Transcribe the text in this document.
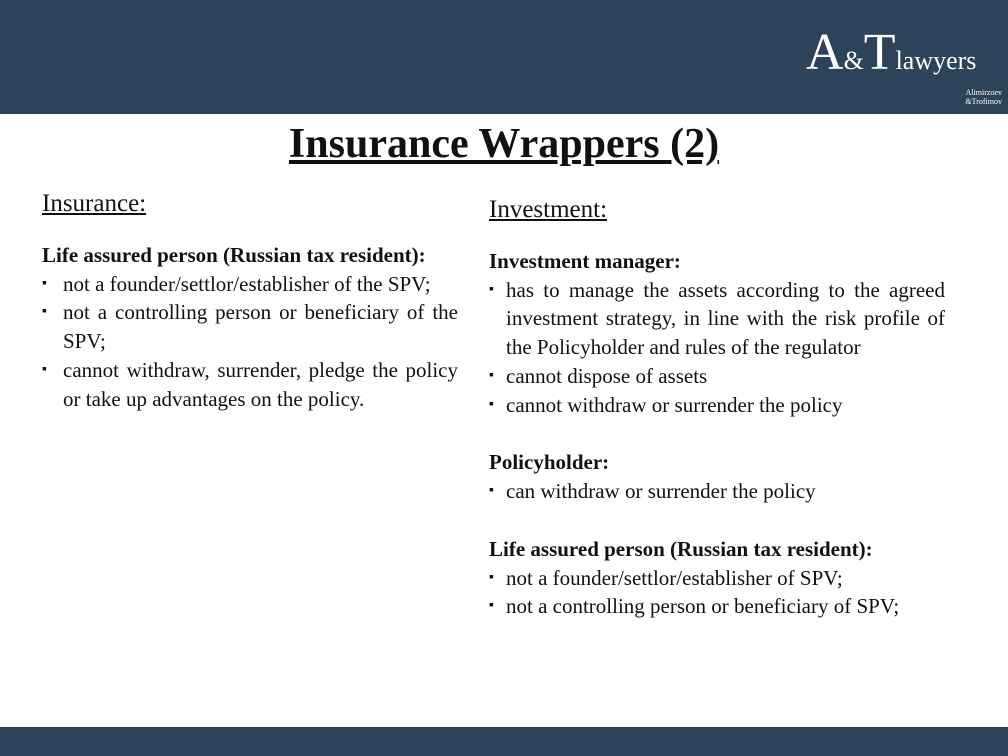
A & Tlawyers
Alimirzoev
&Trofimov
Insurance Wrappers (2)
Insurance:
Life assured person (Russian tax resident):
▪ not a founder/settlor/establisher of the SPV;
▪ not a controlling person or beneficiary of the SPV;
▪ cannot withdraw, surrender, pledge the policy or take up advantages on the policy.
Investment:
Investment manager:
▪ has to manage the assets according to the agreed investment strategy, in line with the risk profile of the Policyholder and rules of the regulator
▪ cannot dispose of assets
▪ cannot withdraw or surrender the policy
Policyholder:
▪ can withdraw or surrender the policy
Life assured person (Russian tax resident):
▪ not a founder/settlor/establisher of SPV;
▪ not a controlling person or beneficiary of SPV;
